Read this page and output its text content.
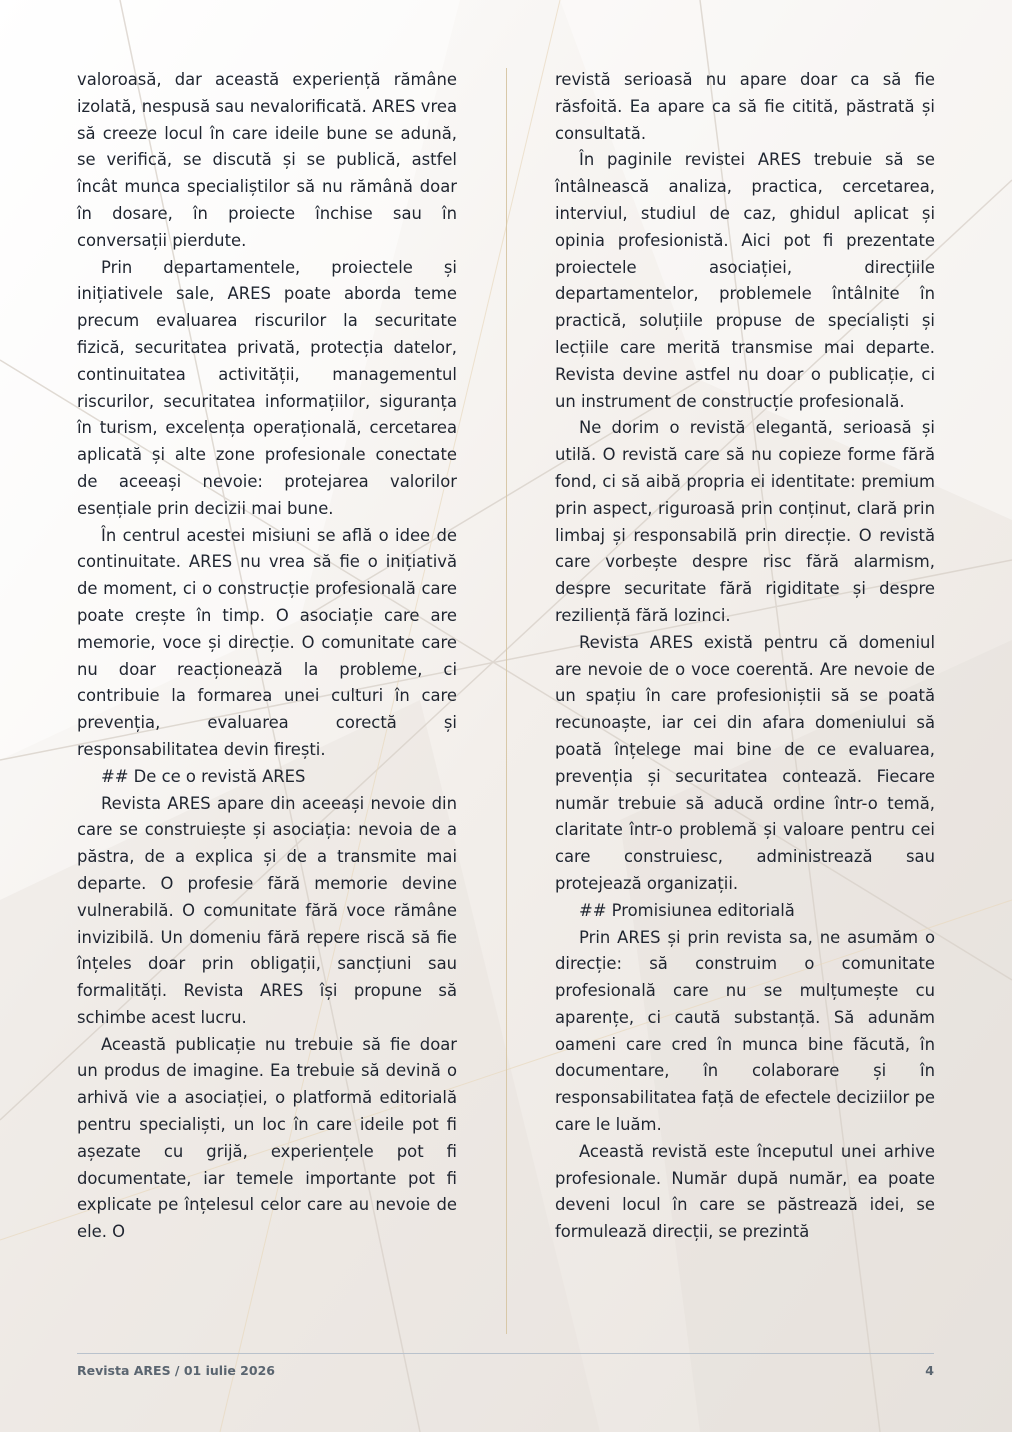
valoroasă, dar această experiență rămâne izolată, nespusă sau nevalorificată. ARES vrea să creeze locul în care ideile bune se adună, se verifică, se discută și se publică, astfel încât munca specialiștilor să nu rămână doar în dosare, în proiecte închise sau în conversații pierdute.

Prin departamentele, proiectele și inițiativele sale, ARES poate aborda teme precum evaluarea riscurilor la securitate fizică, securitatea privată, protecția datelor, continuitatea activității, managementul riscurilor, securitatea informațiilor, siguranța în turism, excelența operațională, cercetarea aplicată și alte zone profesionale conectate de aceeași nevoie: protejarea valorilor esențiale prin decizii mai bune.

În centrul acestei misiuni se află o idee de continuitate. ARES nu vrea să fie o inițiativă de moment, ci o construcție profesională care poate crește în timp. O asociație care are memorie, voce și direcție. O comunitate care nu doar reacționează la probleme, ci contribuie la formarea unei culturi în care prevenția, evaluarea corectă și responsabilitatea devin firești.

## De ce o revistă ARES

Revista ARES apare din aceeași nevoie din care se construiește și asociația: nevoia de a păstra, de a explica și de a transmite mai departe. O profesie fără memorie devine vulnerabilă. O comunitate fără voce rămâne invizibilă. Un domeniu fără repere riscă să fie înțeles doar prin obligații, sancțiuni sau formalități. Revista ARES își propune să schimbe acest lucru.

Această publicație nu trebuie să fie doar un produs de imagine. Ea trebuie să devină o arhivă vie a asociației, o platformă editorială pentru specialiști, un loc în care ideile pot fi așezate cu grijă, experiențele pot fi documentate, iar temele importante pot fi explicate pe înțelesul celor care au nevoie de ele. O

revistă serioasă nu apare doar ca să fie răsfoită. Ea apare ca să fie citită, păstrată și consultată.

În paginile revistei ARES trebuie să se întâlnească analiza, practica, cercetarea, interviul, studiul de caz, ghidul aplicat și opinia profesionistă. Aici pot fi prezentate proiectele asociației, direcțiile departamentelor, problemele întâlnite în practică, soluțiile propuse de specialiști și lecțiile care merită transmise mai departe. Revista devine astfel nu doar o publicație, ci un instrument de construcție profesională.

Ne dorim o revistă elegantă, serioasă și utilă. O revistă care să nu copieze forme fără fond, ci să aibă propria ei identitate: premium prin aspect, riguroasă prin conținut, clară prin limbaj și responsabilă prin direcție. O revistă care vorbește despre risc fără alarmism, despre securitate fără rigiditate și despre reziliență fără lozinci.

Revista ARES există pentru că domeniul are nevoie de o voce coerentă. Are nevoie de un spațiu în care profesioniștii să se poată recunoaște, iar cei din afara domeniului să poată înțelege mai bine de ce evaluarea, prevenția și securitatea contează. Fiecare număr trebuie să aducă ordine într-o temă, claritate într-o problemă și valoare pentru cei care construiesc, administrează sau protejează organizații.

## Promisiunea editorială

Prin ARES și prin revista sa, ne asumăm o direcție: să construim o comunitate profesională care nu se mulțumește cu aparențe, ci caută substanță. Să adunăm oameni care cred în munca bine făcută, în documentare, în colaborare și în responsabilitatea față de efectele deciziilor pe care le luăm.

Această revistă este începutul unei arhive profesionale. Număr după număr, ea poate deveni locul în care se păstrează idei, se formulează direcții, se prezintă

Revista ARES / 01 iulie 2026	4
